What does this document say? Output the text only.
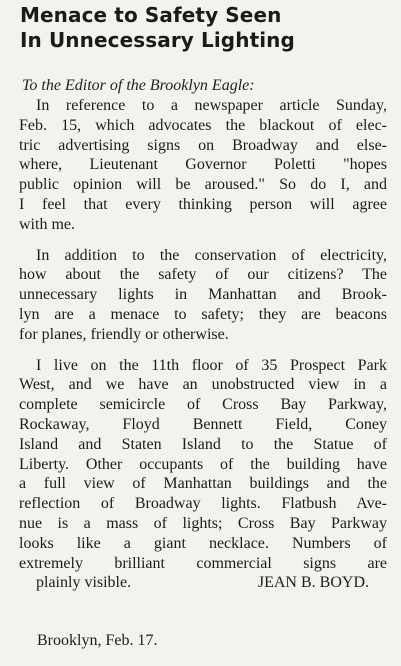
Menace to Safety Seen
In Unnecessary Lighting
To the Editor of the Brooklyn Eagle:
In reference to a newspaper article Sunday,
Feb. 15, which advocates the blackout of elec-
tric advertising signs on Broadway and else-
where, Lieutenant Governor Poletti "hopes
public opinion will be aroused." So do I, and
I feel that every thinking person will agree
with me.
In addition to the conservation of electricity,
how about the safety of our citizens? The
unnecessary lights in Manhattan and Brook-
lyn are a menace to safety; they are beacons
for planes, friendly or otherwise.
I live on the 11th floor of 35 Prospect Park
West, and we have an unobstructed view in a
complete semicircle of Cross Bay Parkway,
Rockaway, Floyd Bennett Field, Coney
Island and Staten Island to the Statue of
Liberty. Other occupants of the building have
a full view of Manhattan buildings and the
reflection of Broadway lights. Flatbush Ave-
nue is a mass of lights; Cross Bay Parkway
looks like a giant necklace. Numbers of
extremely brilliant commercial signs are
plainly visible.	JEAN B. BOYD.
Brooklyn, Feb. 17.
